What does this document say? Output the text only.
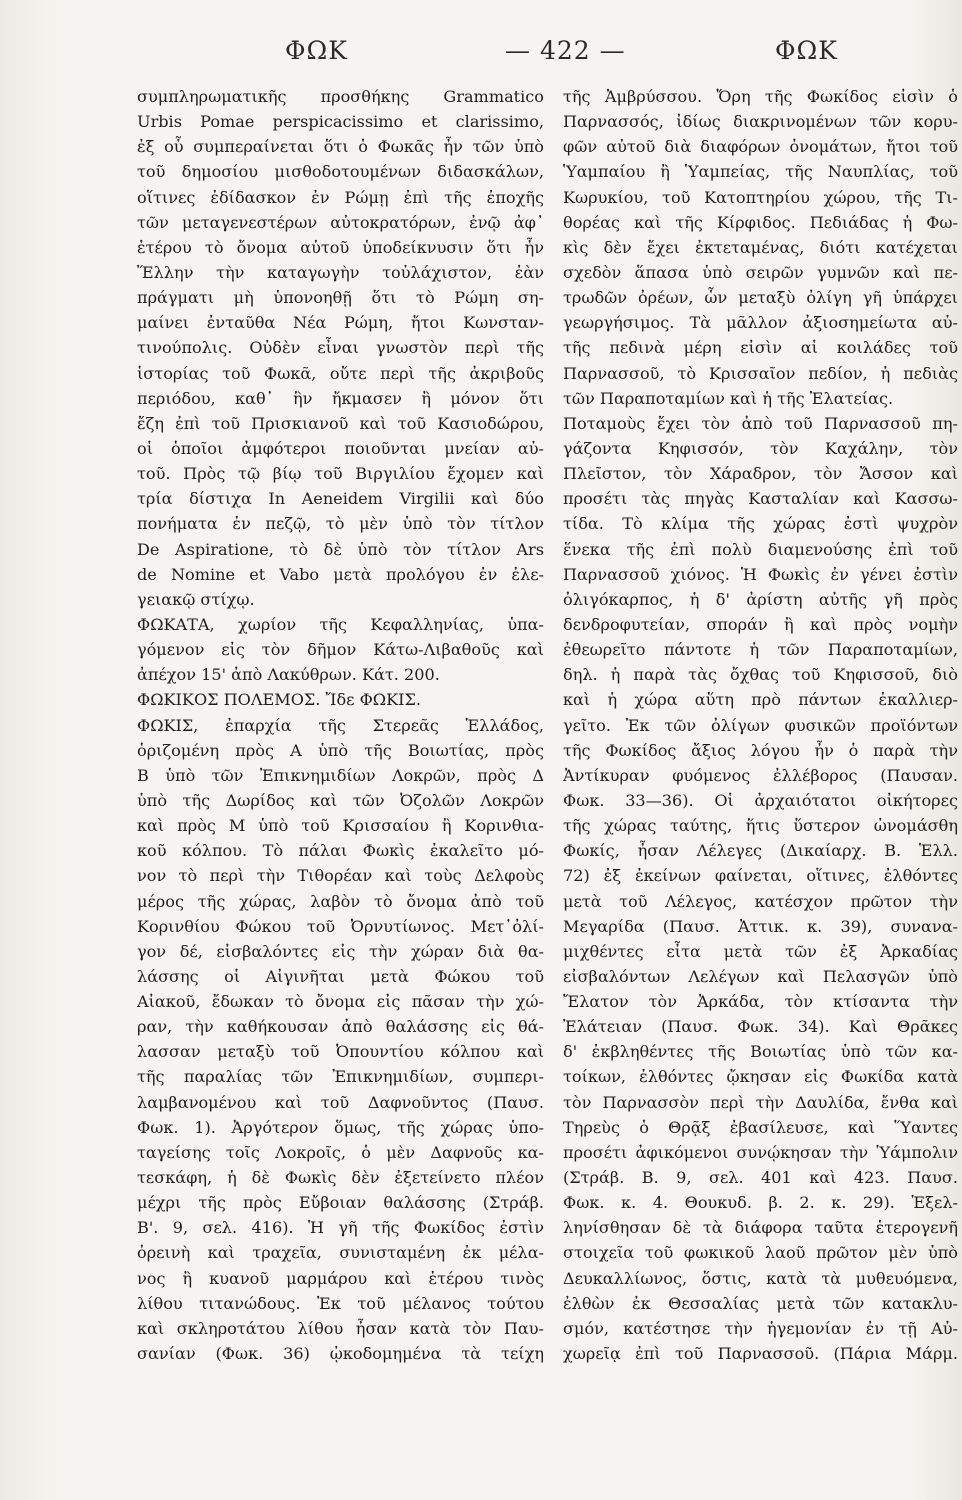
ΦΩΚ	— 422 —	ΦΩΚ
συμπληρωματικῆς προσθήκης Grammatico
Urbis Pomae perspicacissimo et clarissimo,
ἐξ οὗ συμπεραίνεται ὅτι ὁ Φωκᾶς ἦν τῶν ὑπὸ
τοῦ δημοσίου μισθοδοτουμένων διδασκάλων,
οἵτινες ἐδίδασκον ἐν Ρώμῃ ἐπὶ τῆς ἐποχῆς
τῶν μεταγενεστέρων αὐτοκρατόρων, ἐνῷ ἀφ᾽
ἑτέρου τὸ ὄνομα αὐτοῦ ὑποδείκνυσιν ὅτι ἦν
Ἕλλην τὴν καταγωγὴν τοὐλάχιστον, ἐὰν
πράγματι μὴ ὑπονοηθῇ ὅτι τὸ Ρώμη ση-
μαίνει ἐνταῦθα Νέα Ρώμη, ἤτοι Κωνσταν-
τινούπολις. Οὐδὲν εἶναι γνωστὸν περὶ τῆς
ἱστορίας τοῦ Φωκᾶ, οὔτε περὶ τῆς ἀκριβοῦς
περιόδου, καθ᾽ ἣν ἤκμασεν ἢ μόνον ὅτι
ἔζη ἐπὶ τοῦ Πρισκιανοῦ καὶ τοῦ Κασιοδώρου,
οἱ ὁποῖοι ἀμφότεροι ποιοῦνται μνείαν αὐ-
τοῦ. Πρὸς τῷ βίῳ τοῦ Βιργιλίου ἔχομεν καὶ
τρία δίστιχα In Aeneidem Virgilii καὶ δύο
πονήματα ἐν πεζῷ, τὸ μὲν ὑπὸ τὸν τίτλον
De Aspiratione, τὸ δὲ ὑπὸ τὸν τίτλον Ars
de Nomine et Vabo μετὰ προλόγου ἐν ἐλε-
γειακῷ στίχῳ.
ΦΩΚΑΤΑ, χωρίον τῆς Κεφαλληνίας, ὑπα-
γόμενον εἰς τὸν δῆμον Κάτω-Λιβαθοῦς καὶ
ἀπέχον 15' ἀπὸ Λακύθρων. Κάτ. 200.
ΦΩΚΙΚΟΣ ΠΟΛΕΜΟΣ. Ἴδε ΦΩΚΙΣ.
ΦΩΚΙΣ, ἐπαρχία τῆς Στερεᾶς Ἑλλάδος,
ὁριζομένη πρὸς Α ὑπὸ τῆς Βοιωτίας, πρὸς
Β ὑπὸ τῶν Ἐπικνημιδίων Λοκρῶν, πρὸς Δ
ὑπὸ τῆς Δωρίδος καὶ τῶν Ὀζολῶν Λοκρῶν
καὶ πρὸς Μ ὑπὸ τοῦ Κρισσαίου ἢ Κορινθια-
κοῦ κόλπου. Τὸ πάλαι Φωκὶς ἐκαλεῖτο μό-
νον τὸ περὶ τὴν Τιθορέαν καὶ τοὺς Δελφοὺς
μέρος τῆς χώρας, λαβὸν τὸ ὄνομα ἀπὸ τοῦ
Κορινθίου Φώκου τοῦ Ὀρνυτίωνος. Μετ᾽ὀλί-
γον δέ, εἰσβαλόντες εἰς τὴν χώραν διὰ θα-
λάσσης οἱ Αἰγινῆται μετὰ Φώκου τοῦ
Αἰακοῦ, ἔδωκαν τὸ ὄνομα εἰς πᾶσαν τὴν χώ-
ραν, τὴν καθήκουσαν ἀπὸ θαλάσσης εἰς θά-
λασσαν μεταξὺ τοῦ Ὀπουντίου κόλπου καὶ
τῆς παραλίας τῶν Ἐπικνημιδίων, συμπερι-
λαμβανομένου καὶ τοῦ Δαφνοῦντος (Παυσ.
Φωκ. 1). Ἀργότερον ὅμως, τῆς χώρας ὑπο-
ταγείσης τοῖς Λοκροῖς, ὁ μὲν Δαφνοῦς κα-
τεσκάφη, ἡ δὲ Φωκὶς δὲν ἐξετείνετο πλέον
μέχρι τῆς πρὸς Εὔβοιαν θαλάσσης (Στράβ.
Β'. 9, σελ. 416). Ἡ γῆ τῆς Φωκίδος ἐστὶν
ὀρεινὴ καὶ τραχεῖα, συνισταμένη ἐκ μέλα-
νος ἢ κυανοῦ μαρμάρου καὶ ἑτέρου τινὸς
λίθου τιτανώδους. Ἐκ τοῦ μέλανος τούτου
καὶ σκληροτάτου λίθου ἦσαν κατὰ τὸν Παυ-
σανίαν (Φωκ. 36) ᾠκοδομημένα τὰ τείχη
τῆς Ἀμβρύσσου. Ὄρη τῆς Φωκίδος εἰσὶν ὁ
Παρνασσός, ἰδίως διακρινομένων τῶν κορυ-
φῶν αὐτοῦ διὰ διαφόρων ὀνομάτων, ἤτοι τοῦ
Ὑαμπαίου ἢ Ὑαμπείας, τῆς Ναυπλίας, τοῦ
Κωρυκίου, τοῦ Κατοπτηρίου χώρου, τῆς Τι-
θορέας καὶ τῆς Κίρφιδος. Πεδιάδας ἡ Φω-
κὶς δὲν ἔχει ἐκτεταμένας, διότι κατέχεται
σχεδὸν ἅπασα ὑπὸ σειρῶν γυμνῶν καὶ πε-
τρωδῶν ὀρέων, ὧν μεταξὺ ὀλίγη γῆ ὑπάρχει
γεωργήσιμος. Τὰ μᾶλλον ἀξιοσημείωτα αὐ-
τῆς πεδινὰ μέρη εἰσὶν αἱ κοιλάδες τοῦ
Παρνασσοῦ, τὸ Κρισσαῖον πεδίον, ἡ πεδιὰς
τῶν Παραποταμίων καὶ ἡ τῆς Ἐλατείας.
Ποταμοὺς ἔχει τὸν ἀπὸ τοῦ Παρνασσοῦ πη-
γάζοντα Κηφισσόν, τὸν Καχάλην, τὸν
Πλεῖστον, τὸν Χάραδρον, τὸν Ἄσσον καὶ
προσέτι τὰς πηγὰς Κασταλίαν καὶ Κασσω-
τίδα. Τὸ κλίμα τῆς χώρας ἐστὶ ψυχρὸν
ἕνεκα τῆς ἐπὶ πολὺ διαμενούσης ἐπὶ τοῦ
Παρνασσοῦ χιόνος. Ἡ Φωκὶς ἐν γένει ἐστὶν
ὀλιγόκαρπος, ἡ δ' ἀρίστη αὐτῆς γῆ πρὸς
δενδροφυτείαν, σποράν ἢ καὶ πρὸς νομὴν
ἐθεωρεῖτο πάντοτε ἡ τῶν Παραποταμίων,
δηλ. ἡ παρὰ τὰς ὄχθας τοῦ Κηφισσοῦ, διὸ
καὶ ἡ χώρα αὕτη πρὸ πάντων ἐκαλλιερ-
γεῖτο. Ἐκ τῶν ὀλίγων φυσικῶν προϊόντων
τῆς Φωκίδος ἄξιος λόγου ἦν ὁ παρὰ τὴν
Ἀντίκυραν φυόμενος ἐλλέβορος (Παυσαν.
Φωκ. 33—36). Οἱ ἀρχαιότατοι οἰκήτορες
τῆς χώρας ταύτης, ἥτις ὕστερον ὠνομάσθη
Φωκίς, ἦσαν Λέλεγες (Δικαίαρχ. Β. Ἑλλ.
72) ἐξ ἐκείνων φαίνεται, οἵτινες, ἐλθόντες
μετὰ τοῦ Λέλεγος, κατέσχον πρῶτον τὴν
Μεγαρίδα (Παυσ. Ἀττικ. κ. 39), συνανα-
μιχθέντες εἶτα μετὰ τῶν ἐξ Ἀρκαδίας
εἰσβαλόντων Λελέγων καὶ Πελασγῶν ὑπὸ
Ἔλατον τὸν Ἀρκάδα, τὸν κτίσαντα τὴν
Ἐλάτειαν (Παυσ. Φωκ. 34). Καὶ Θρᾶκες
δ' ἐκβληθέντες τῆς Βοιωτίας ὑπὸ τῶν κα-
τοίκων, ἐλθόντες ᾤκησαν εἰς Φωκίδα κατὰ
τὸν Παρνασσὸν περὶ τὴν Δαυλίδα, ἔνθα καὶ
Τηρεὺς ὁ Θρᾷξ ἐβασίλευσε, καὶ Ὕαντες
προσέτι ἀφικόμενοι συνῴκησαν τὴν Ὑάμπολιν
(Στράβ. Β. 9, σελ. 401 καὶ 423. Παυσ.
Φωκ. κ. 4. Θουκυδ. β. 2. κ. 29). Ἐξελ-
ληνίσθησαν δὲ τὰ διάφορα ταῦτα ἑτερογενῆ
στοιχεῖα τοῦ φωκικοῦ λαοῦ πρῶτον μὲν ὑπὸ
Δευκαλλίωνος, ὅστις, κατὰ τὰ μυθευόμενα,
ἐλθὼν ἐκ Θεσσαλίας μετὰ τῶν κατακλυ-
σμόν, κατέστησε τὴν ἡγεμονίαν ἐν τῇ Αὐ-
χωρεῖᾳ ἐπὶ τοῦ Παρνασσοῦ. (Πάρια Μάρμ.
